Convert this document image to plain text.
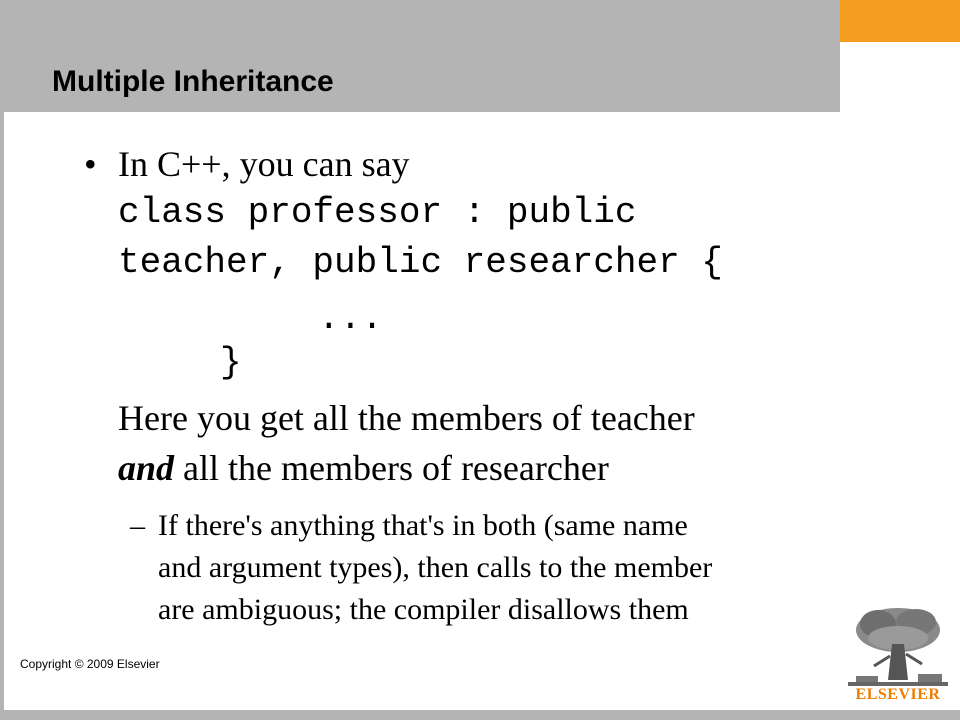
Multiple Inheritance
• In C++, you can say
class professor : public
teacher, public researcher {
...
}
Here you get all the members of teacher
and all the members of researcher
– If there's anything that's in both (same name
and argument types), then calls to the member
are ambiguous; the compiler disallows them
Copyright © 2009 Elsevier
ELSEVIER
